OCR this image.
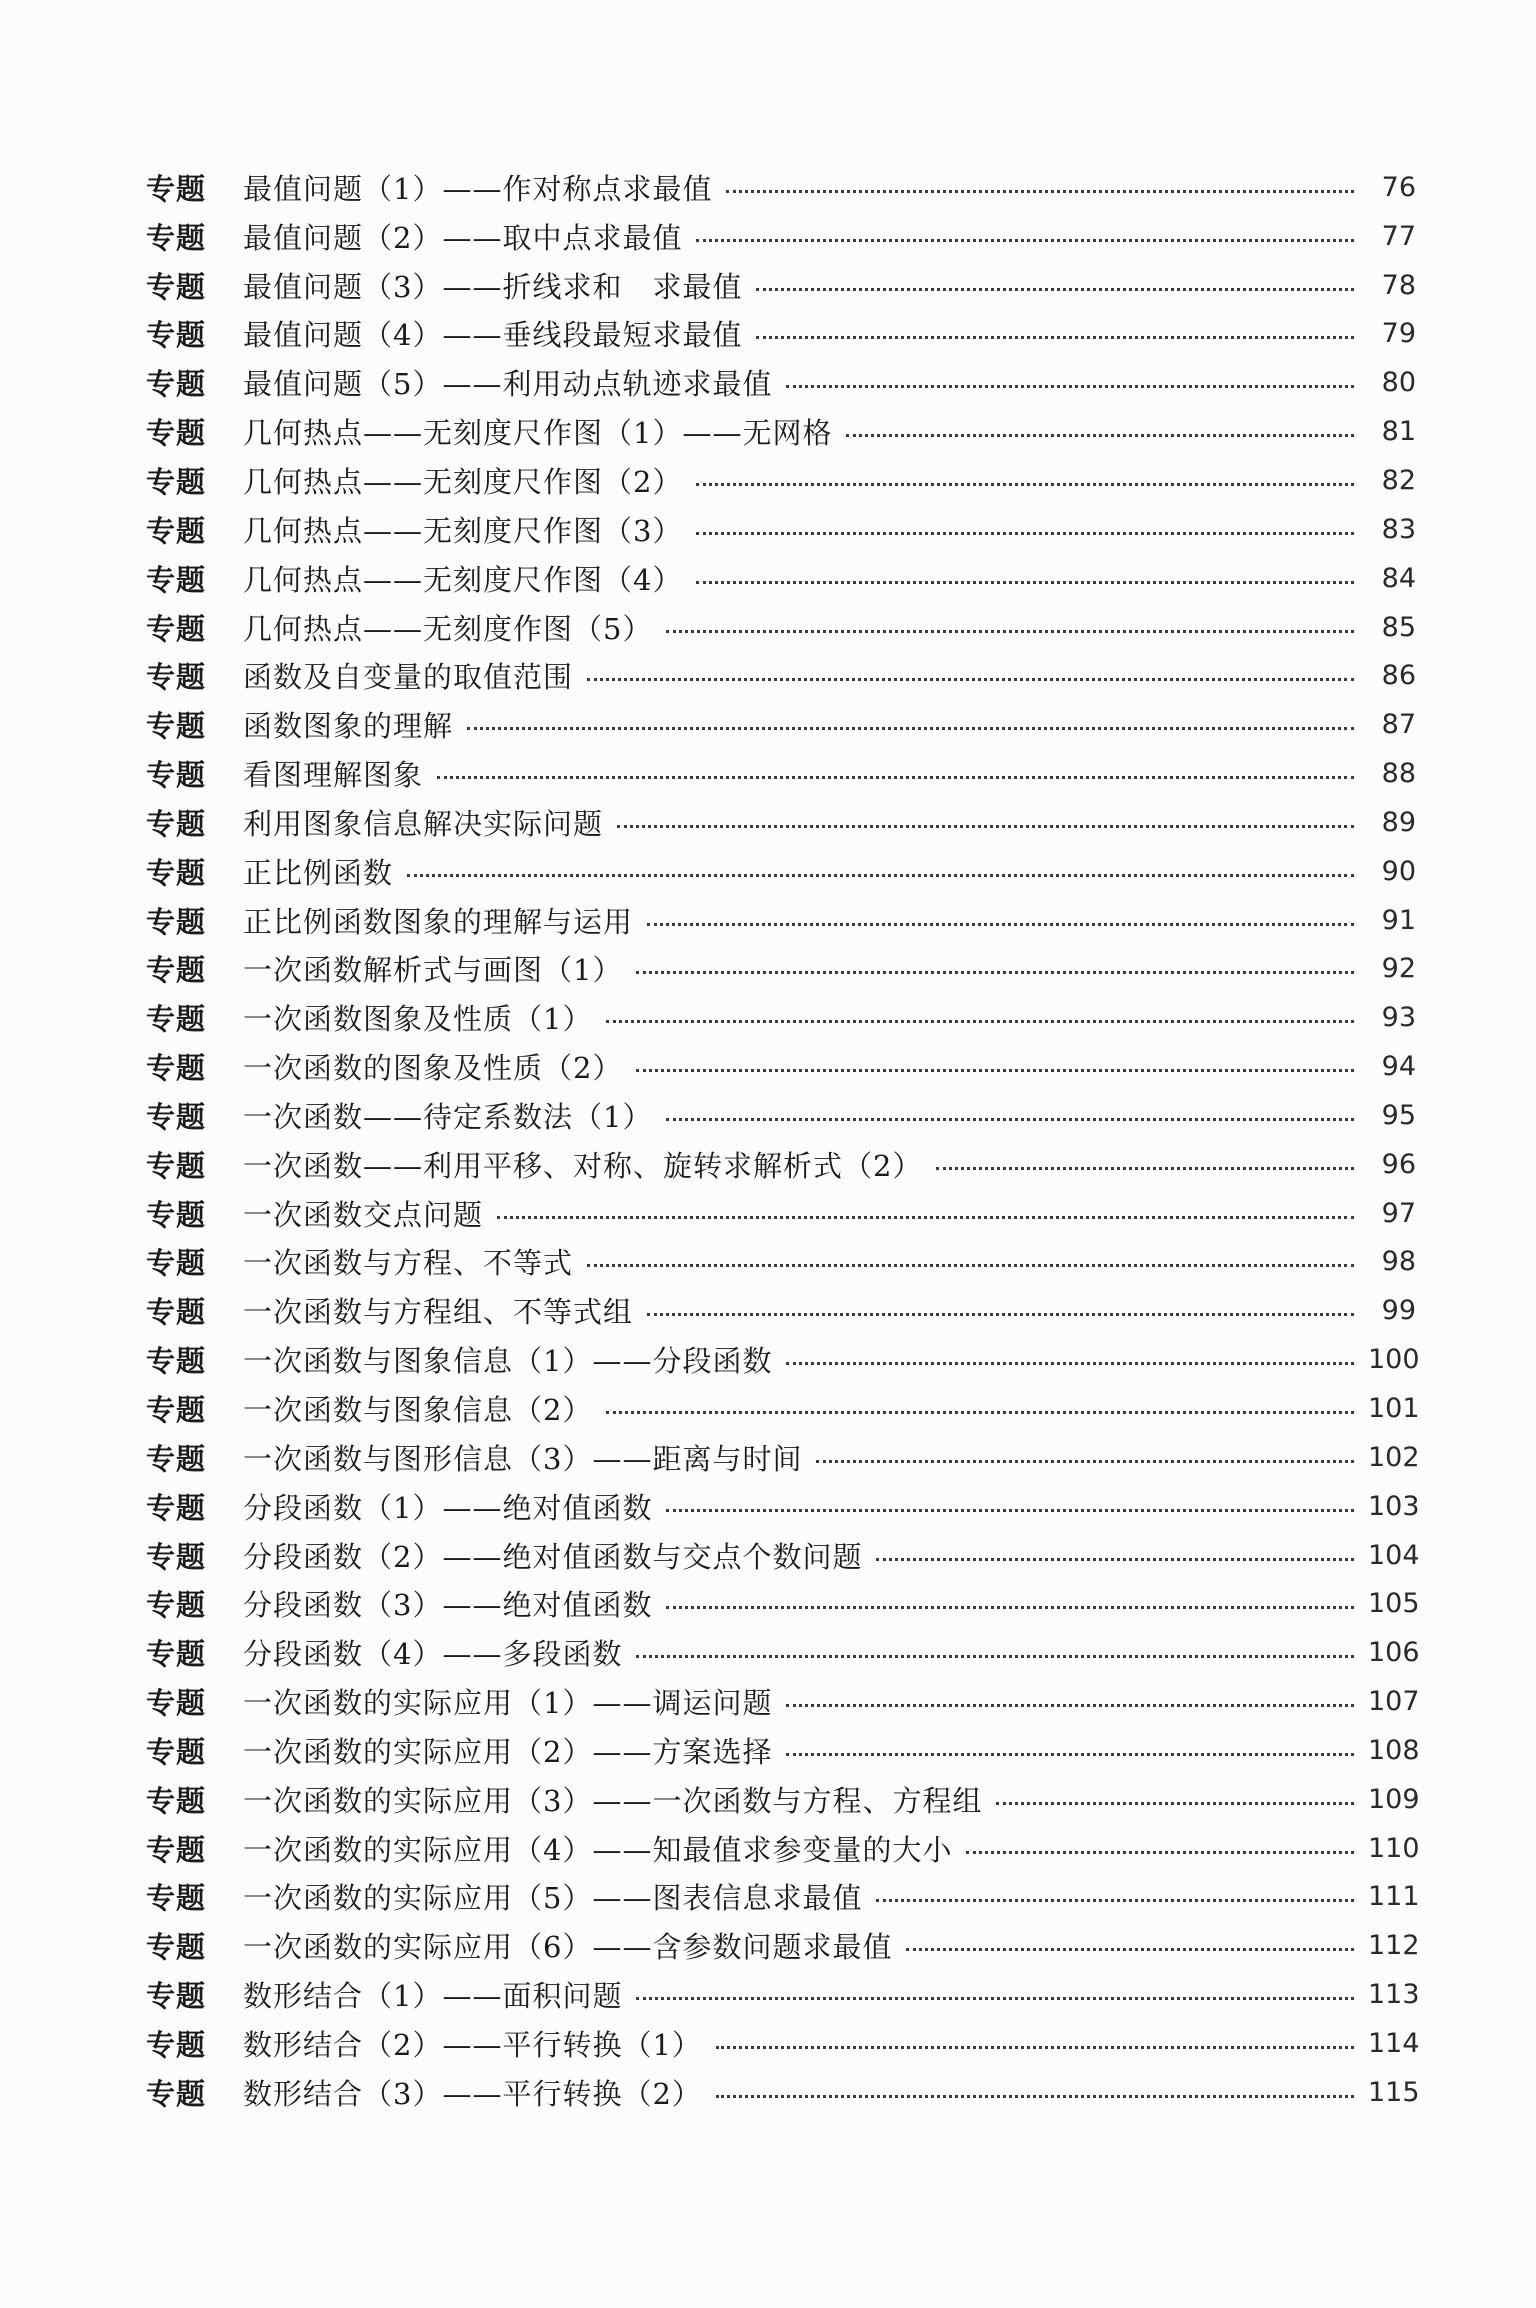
专题	最值问题（1）——作对称点求最值	76
专题	最值问题（2）——取中点求最值	77
专题	最值问题（3）——折线求和　求最值	78
专题	最值问题（4）——垂线段最短求最值	79
专题	最值问题（5）——利用动点轨迹求最值	80
专题	几何热点——无刻度尺作图（1）——无网格	81
专题	几何热点——无刻度尺作图（2）	82
专题	几何热点——无刻度尺作图（3）	83
专题	几何热点——无刻度尺作图（4）	84
专题	几何热点——无刻度作图（5）	85
专题	函数及自变量的取值范围	86
专题	函数图象的理解	87
专题	看图理解图象	88
专题	利用图象信息解决实际问题	89
专题	正比例函数	90
专题	正比例函数图象的理解与运用	91
专题	一次函数解析式与画图（1）	92
专题	一次函数图象及性质（1）	93
专题	一次函数的图象及性质（2）	94
专题	一次函数——待定系数法（1）	95
专题	一次函数——利用平移、对称、旋转求解析式（2）	96
专题	一次函数交点问题	97
专题	一次函数与方程、不等式	98
专题	一次函数与方程组、不等式组	99
专题	一次函数与图象信息（1）——分段函数	100
专题	一次函数与图象信息（2）	101
专题	一次函数与图形信息（3）——距离与时间	102
专题	分段函数（1）——绝对值函数	103
专题	分段函数（2）——绝对值函数与交点个数问题	104
专题	分段函数（3）——绝对值函数	105
专题	分段函数（4）——多段函数	106
专题	一次函数的实际应用（1）——调运问题	107
专题	一次函数的实际应用（2）——方案选择	108
专题	一次函数的实际应用（3）——一次函数与方程、方程组	109
专题	一次函数的实际应用（4）——知最值求参变量的大小	110
专题	一次函数的实际应用（5）——图表信息求最值	111
专题	一次函数的实际应用（6）——含参数问题求最值	112
专题	数形结合（1）——面积问题	113
专题	数形结合（2）——平行转换（1）	114
专题	数形结合（3）——平行转换（2）	115
